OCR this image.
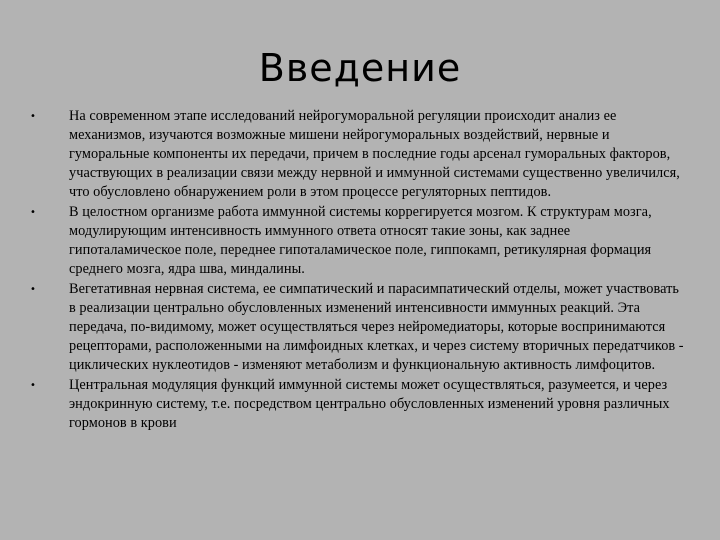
Введение
• На современном этапе исследований нейрогуморальной регуляции происходит анализ ее механизмов, изучаются возможные мишени нейрогуморальных воздействий, нервные и гуморальные компоненты их передачи, причем в последние годы арсенал гуморальных факторов, участвующих в реализации связи между нервной и иммунной системами существенно увеличился, что обусловлено обнаружением роли в этом процессе регуляторных пептидов.
• В целостном организме работа иммунной системы коррегируется мозгом. К структурам мозга, модулирующим интенсивность иммунного ответа относят такие зоны, как заднее гипоталамическое поле, переднее гипоталамическое поле, гиппокамп, ретикулярная формация среднего мозга, ядра шва, миндалины.
• Вегетативная нервная система, ее симпатический и парасимпатический отделы, может участвовать в реализации центрально обусловленных изменений интенсивности иммунных реакций. Эта передача, по-видимому, может осуществляться через нейромедиаторы, которые воспринимаются рецепторами, расположенными на лимфоидных клетках, и через систему вторичных передатчиков - циклических нуклеотидов - изменяют метаболизм и функциональную активность лимфоцитов.
• Центральная модуляция функций иммунной системы может осуществляться, разумеется, и через эндокринную систему, т.е. посредством центрально обусловленных изменений уровня различных гормонов в крови
